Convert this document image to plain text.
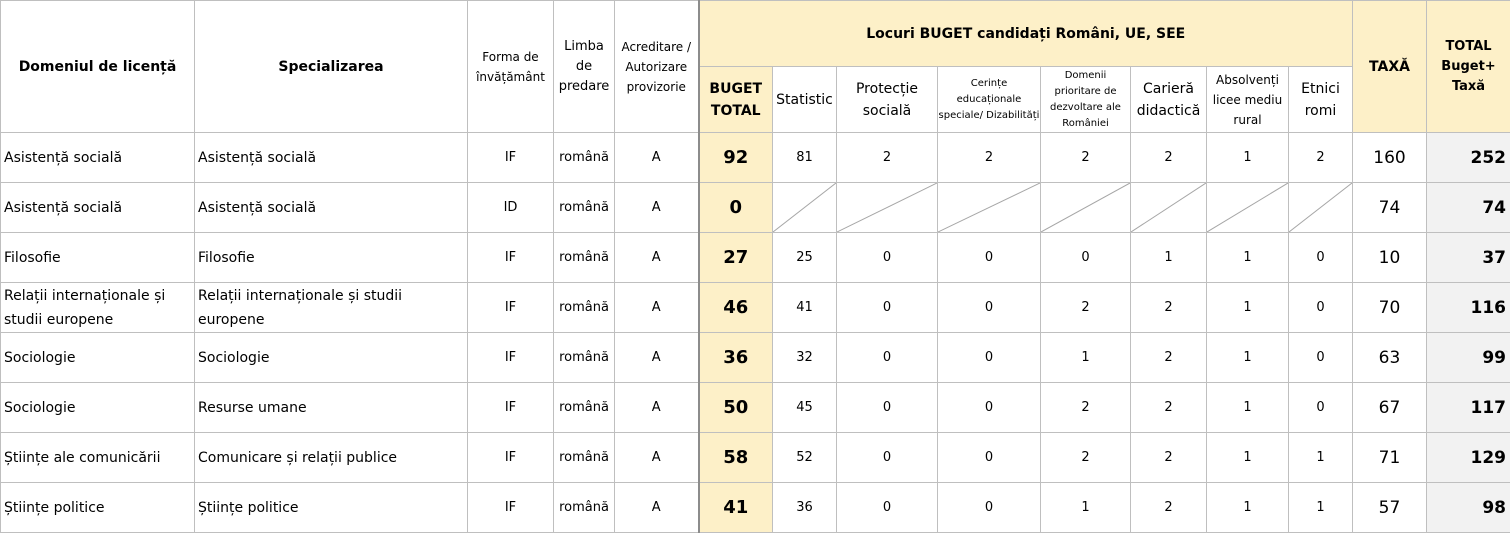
Domeniul de licență	Specializarea	Forma de învățământ	Limba de predare	Acreditare / Autorizare provizorie	Locuri BUGET candidați Români, UE, SEE								TAXĂ	TOTAL Buget+ Taxă
					BUGET TOTAL	Statistic	Protecție socială	Cerințe educaționale speciale/ Dizabilități	Domenii prioritare de dezvoltare ale României	Carieră didactică	Absolvenți licee mediu rural	Etnici romi		
Asistență socială	Asistență socială	IF	română	A	92	81	2	2	2	2	1	2	160	252
Asistență socială	Asistență socială	ID	română	A	0								74	74
Filosofie	Filosofie	IF	română	A	27	25	0	0	0	1	1	0	10	37
Relații internaționale și studii europene	Relații internaționale și studii europene	IF	română	A	46	41	0	0	2	2	1	0	70	116
Sociologie	Sociologie	IF	română	A	36	32	0	0	1	2	1	0	63	99
Sociologie	Resurse umane	IF	română	A	50	45	0	0	2	2	1	0	67	117
Științe ale comunicării	Comunicare și relații publice	IF	română	A	58	52	0	0	2	2	1	1	71	129
Științe politice	Științe politice	IF	română	A	41	36	0	0	1	2	1	1	57	98
